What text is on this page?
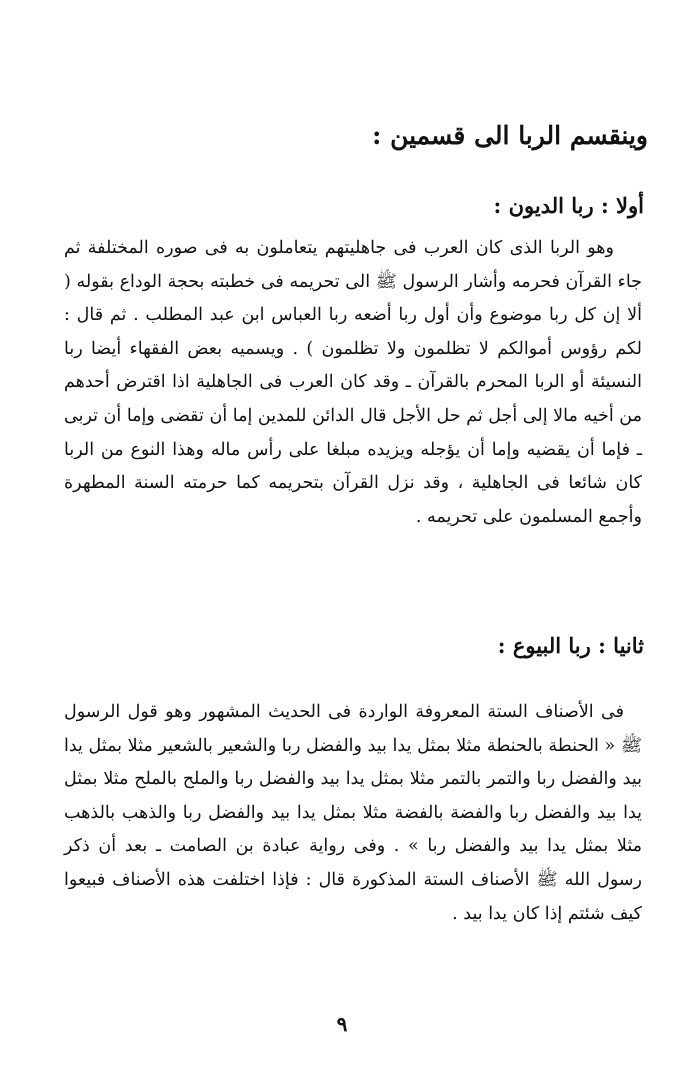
وينقسم الربا الى قسمين :
أولا : ربا الديون :

وهو الربا الذى كان العرب فى جاهليتهم يتعاملون به فى صوره المختلفة ثم جاء القرآن فحرمه وأشار الرسول ﷺ الى تحريمه فى خطبته بحجة الوداع بقوله ( ألا إن كل ربا موضوع وأن أول ربا أضعه ربا العباس ابن عبد المطلب . ثم قال : لكم رؤوس أموالكم لا تظلمون ولا تظلمون ) . ويسميه بعض الفقهاء أيضا ربا النسيئة أو الربا المحرم بالقرآن ـ وقد كان العرب فى الجاهلية اذا اقترض أحدهم من أخيه مالا إلى أجل ثم حل الأجل قال الدائن للمدين إما أن تقضى وإما أن تربى ـ فإما أن يقضيه وإما أن يؤجله ويزيده مبلغا على رأس ماله وهذا النوع من الربا كان شائعا فى الجاهلية ، وقد نزل القرآن بتحريمه كما حرمته السنة المطهرة وأجمع المسلمون على تحريمه .

ثانيا : ربا البيوع :

فى الأصناف الستة المعروفة الواردة فى الحديث المشهور وهو قول الرسول ﷺ « الحنطة بالحنطة مثلا بمثل يدا بيد والفضل ربا والشعير بالشعير مثلا بمثل يدا بيد والفضل ربا والتمر بالتمر مثلا بمثل يدا بيد والفضل ربا والملح بالملح مثلا بمثل يدا بيد والفضل ربا والفضة بالفضة مثلا بمثل يدا بيد والفضل ربا والذهب بالذهب مثلا بمثل يدا بيد والفضل ربا » . وفى رواية عبادة بن الصامت ـ بعد أن ذكر رسول الله ﷺ الأصناف الستة المذكورة قال : فإذا اختلفت هذه الأصناف فبيعوا كيف شئتم إذا كان يدا بيد .

٩
